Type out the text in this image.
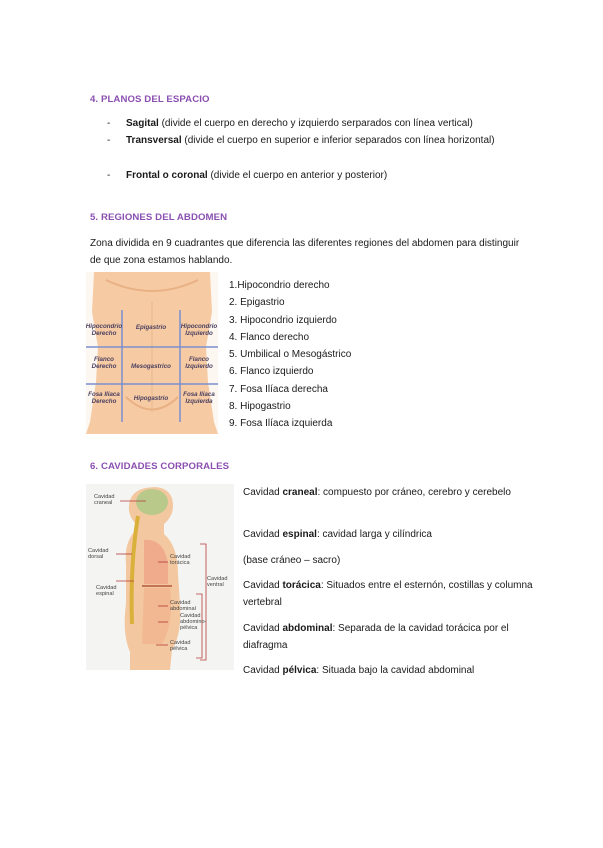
4. PLANOS DEL ESPACIO
- Sagital (divide el cuerpo en derecho y izquierdo serparados con línea vertical)
- Transversal (divide el cuerpo en superior e inferior separados con línea horizontal)
- Frontal o coronal (divide el cuerpo en anterior y posterior)
5. REGIONES DEL ABDOMEN
Zona dividida en 9 cuadrantes que diferencia las diferentes regiones del abdomen para distinguir de que zona estamos hablando.
Hipocondrio Derecho
Epigastrio Hipocondrio Izquierdo
Flanco Derecho Mesogastrico
Flanco Izquierdo
Fosa Iliaca Derecho	Hipogastrio
Fosa Iliaca Izquierda
1.Hipocondrio derecho
2. Epigastrio
3. Hipocondrio izquierdo
4. Flanco derecho
5. Umbilical o Mesogástrico
6. Flanco izquierdo
7. Fosa Ilíaca derecha
8. Hipogastrio
9. Fosa Ilíaca izquierda
6. CAVIDADES CORPORALES
Cavidad craneal
Cavidad dorsal
Cavidad espinal
Cavidad torácica
Cavidad ventral
Cavidad abdominal
Cavidad abdomino-pélvica
Cavidad pélvica
Cavidad craneal: compuesto por cráneo, cerebro y cerebelo
Cavidad espinal: cavidad larga y cilíndrica
(base cráneo – sacro)
Cavidad torácica: Situados entre el esternón, costillas y columna vertebral
Cavidad abdominal: Separada de la cavidad torácica por el diafragma
Cavidad pélvica: Situada bajo la cavidad abdominal
